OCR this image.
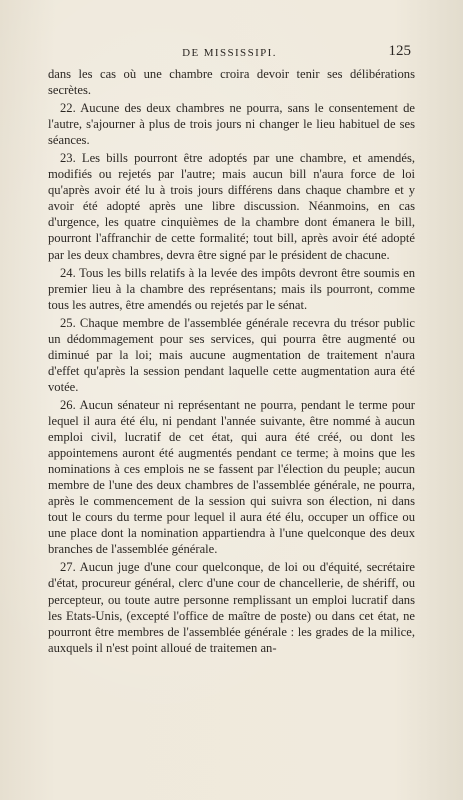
DE MISSISSIPI.	125

dans les cas où une chambre croira devoir tenir ses délibérations secrètes.

22. Aucune des deux chambres ne pourra, sans le consentement de l'autre, s'ajourner à plus de trois jours ni changer le lieu habituel de ses séances.

23. Les bills pourront être adoptés par une chambre, et amendés, modifiés ou rejetés par l'autre; mais aucun bill n'aura force de loi qu'après avoir été lu à trois jours différens dans chaque chambre et y avoir été adopté après une libre discussion. Néanmoins, en cas d'urgence, les quatre cinquièmes de la chambre dont émanera le bill, pourront l'affranchir de cette formalité; tout bill, après avoir été adopté par les deux chambres, devra être signé par le président de chacune.

24. Tous les bills relatifs à la levée des impôts devront être soumis en premier lieu à la chambre des représentans; mais ils pourront, comme tous les autres, être amendés ou rejetés par le sénat.

25. Chaque membre de l'assemblée générale recevra du trésor public un dédommagement pour ses services, qui pourra être augmenté ou diminué par la loi; mais aucune augmentation de traitement n'aura d'effet qu'après la session pendant laquelle cette augmentation aura été votée.

26. Aucun sénateur ni représentant ne pourra, pendant le terme pour lequel il aura été élu, ni pendant l'année suivante, être nommé à aucun emploi civil, lucratif de cet état, qui aura été créé, ou dont les appointemens auront été augmentés pendant ce terme; à moins que les nominations à ces emplois ne se fassent par l'élection du peuple; aucun membre de l'une des deux chambres de l'assemblée générale, ne pourra, après le commencement de la session qui suivra son élection, ni dans tout le cours du terme pour lequel il aura été élu, occuper un office ou une place dont la nomination appartiendra à l'une quelconque des deux branches de l'assemblée générale.

27. Aucun juge d'une cour quelconque, de loi ou d'équité, secrétaire d'état, procureur général, clerc d'une cour de chancellerie, de shériff, ou percepteur, ou toute autre personne remplissant un emploi lucratif dans les Etats-Unis, (excepté l'office de maître de poste) ou dans cet état, ne pourront être membres de l'assemblée générale : les grades de la milice, auxquels il n'est point alloué de traitemen an-
